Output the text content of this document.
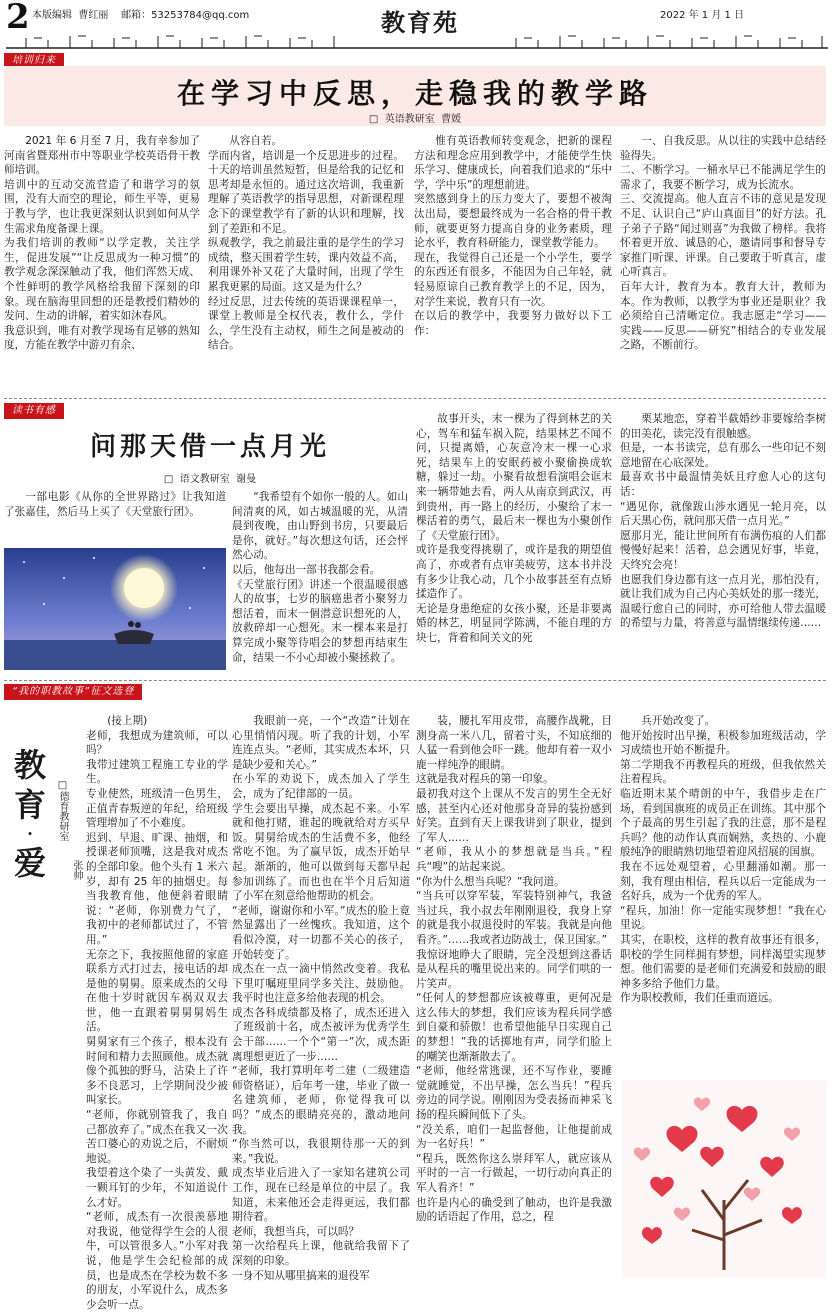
2 本版编辑  曹红丽    邮箱：53253784@qq.com	教育苑	2022 年 1 月 1 日
培训归来
在学习中反思，走稳我的教学路
□  英语教研室  曹媛

2021 年 6 月至 7 月，我有幸参加了河南省暨郑州市中等职业学校英语骨干教师培训。
培训中的互动交流营造了和谐学习的氛围，没有大而空的理论，师生平等，更易于教与学，也让我更深刻认识到如何从学生需求角度备课上课。
为我们培训的教师“以学定教，关注学生，促进发展”“让反思成为一种习惯”的教学观念深深触动了我，他们浑然天成、个性鲜明的教学风格给我留下深刻的印象。现在脑海里回想的还是教授们精妙的发问、生动的讲解，着实如沐春风。
我意识到，唯有对教学现场有足够的熟知度，方能在教学中游刃有余、

从容自若。
学而内省，培训是一个反思进步的过程。十天的培训虽然短暂，但是给我的记忆和思考却是永恒的。通过这次培训，我重新理解了英语教学的指导思想，对新课程理念下的课堂教学有了新的认识和理解，找到了差距和不足。
纵观教学，我之前最注重的是学生的学习成绩，整天围着学生转，课内效益不高，利用课外补又花了大量时间，出现了学生累我更累的局面。这又是为什么？
经过反思，过去传统的英语课课程单一，课堂上教师是全权代表，教什么，学什么，学生没有主动权，师生之间是被动的结合。

惟有英语教师转变观念，把新的课程方法和理念应用到教学中，才能使学生快乐学习、健康成长，向着我们追求的“乐中学，学中乐”的理想前进。
突然感到身上的压力变大了，要想不被淘汰出局，要想最终成为一名合格的骨干教师，就要更努力提高自身的业务素质，理论水平，教育科研能力，课堂教学能力。
现在，我觉得自己还是一个小学生，要学的东西还有很多，不能因为自己年轻，就轻易原谅自己教育教学上的不足，因为，对学生来说，教育只有一次。
在以后的教学中，我要努力做好以下工作：

一、自我反思。从以往的实践中总结经验得失。
二、不断学习。一桶水早已不能满足学生的需求了，我要不断学习，成为长流水。
三、交流提高。他人直言不讳的意见是发现不足、认识自己“庐山真面目”的好方法。孔子弟子子路“闻过则喜”为我做了榜样。我将怀着更开放、诚恳的心，邀请同事和督导专家推门听课、评课。自己要敢于听真言，虚心听真言。
百年大计，教育为本。教育大计，教师为本。作为教师，以教学为事业还是职业？我必须给自己清晰定位。我志愿走“学习——实践——反思——研究”相结合的专业发展之路，不断前行。

读书有感
问那天借一点月光
□  语文教研室  谢曼

一部电影《从你的全世界路过》让我知道了张嘉佳，然后马上买了《天堂旅行团》。

“我希望有个如你一般的人。如山间清爽的风，如古城温暖的光，从清晨到夜晚，由山野到书房，只要最后是你，就好。”每次想这句话，还会怦然心动。
以后，他每出一部书我都会看。
《天堂旅行团》讲述一个很温暖很感人的故事，七岁的脑癌患者小聚努力想活着，而末一個潜意识想死的人，放救碎却一心想死。末一棵本来是打算完成小聚等待唱会的梦想再结束生命，结果一不小心却被小聚拯救了。

故事开头，末一棵为了得到林艺的关心，驾车和猛车祸入院，结果林艺不闻不问，只提离婚，心灰意冷末一棵一心求死，结果车上的安眠药被小聚偷换成软糖，躲过一劫。小聚看故想看演唱会诓末来一辆带她去看，两人从南京到武汉，再到贵州，再一路上的经历，小聚给了末一棵活着的勇气，最后末一棵也为小聚创作了《天堂旅行团》。
或许是我变得挑剔了，或许是我的期望值高了，亦或者有点审美疲劳，这本书并没有多少让我心动，几个小故事甚至有点矫揉造作了。
无论是身患绝症的女孩小聚，还是非要离婚的林艺，明显同学陈满，不能自理的方块七，背着和间关文的死

栗某地恋，穿着半截婚纱非要嫁给李树的田美花，读完没有很触感。
但是，一本书读完，总有那么一些印记不刻意地留在心底深处。
最喜欢书中最温情美妖且疗愈人心的这句话：
“遇见你，就像跋山涉水遇见一轮月亮，以后天黑心伤，就问那天借一点月光。”
愿那月光，能让世间所有布满伤痕的人们都慢慢好起来！活着，总会遇见好事，毕竟，天终究会亮！
也愿我们身边都有这一点月光，那怕没有，就让我们成为自己内心美妖处的那一缕光，温暖行愈自己的同时，亦可给他人带去温暖的希望与力量，将善意与温情继续传递……

“我的职教故事”征文选登
教育
·
爱
□德育教研室
张帅

(接上期)
老师，我想成为建筑师，可以吗？
我带过建筑工程施工专业的学生。
专业使然，班级清一色男生，正值青春叛逆的年纪，给班级管理增加了不小难度。
迟到、早退、旷课、抽烟，和授课老师顶嘴，这是我对成杰的全部印象。他个头有 1 米六岁，却有 25 年的抽烟史。每当我教育他，他便斜着眼睛说：“老师，你别费力气了，我初中的老师都试过了，不管用。”
无奈之下，我按照他留的家庭联系方式打过去，接电话的却是他的舅舅。原来成杰的父母在他十岁时就因车祸双双去世，他一直跟着舅舅舅妈生活。
舅舅家有三个孩子，根本没有时间和精力去照顾他。成杰就像个孤独的野马，沾染上了许多不良恶习，上学期间没少被叫家长。
“老师，你就别管我了，我自己都放弃了。”成杰在我又一次苦口婆心的劝说之后，不耐烦地说。
我望着这个染了一头黄发、戴一颗耳钉的少年，不知道说什么才好。
“老师，成杰有一次很羡慕地对我说，他觉得学生会的人很牛，可以管很多人。”小军对我说，他是学生会纪检部的成员，也是成杰在学校为数不多的朋友，小军说什么，成杰多少会听一点。

我眼前一亮，一个“改造”计划在心里悄悄闪现。听了我的计划，小军连连点头。“老师，其实成杰本坏，只是缺少爱和关心。”
在小军的劝说下，成杰加入了学生会，成为了纪律部的一员。
学生会要出早操，成杰起不来。小军就和他打赌，谁起的晚就给对方买早饭。舅舅给成杰的生活费不多，他经常吃不饱。为了赢早饭，成杰开始早起。渐渐的，他可以做到每天都早起参加训练了。而也也在半个月后知道了小军在刻意给他帮助的机会。
“老师，谢谢你和小军。”成杰的脸上竟然显露出了一丝愧疚。我知道，这个看似冷漠，对一切都不关心的孩子，开始转变了。
成杰在一点一滴中悄然改变着。我私下里叮嘱班里同学多关注、鼓励他。我平时也注意多给他表现的机会。
成杰各科成绩都及格了，成杰还进入了班级前十名，成杰被评为优秀学生会干部……一个个“第一”次，成杰距离理想更近了一步……
“老师，我打算明年考二建（二级建造师资格证），后年考一建，毕业了做一名建筑师，老师，你觉得我可以吗？”成杰的眼睛亮亮的，激动地问我。
“你当然可以，我很期待那一天的到来。”我说。
成杰毕业后进入了一家知名建筑公司工作，现在已经是单位的中层了。我知道，未来他还会走得更远，我们都期待着。
老师，我想当兵，可以吗？
第一次给程兵上课，他就给我留下了深刻的印象。
一身不知从哪里搞来的退役军

装，腰扎军用皮带，高腰作战靴，目测身高一米八几，留着寸头，不知底细的人猛一看到他会吓一跳。他却有着一双小鹿一样纯净的眼睛。
这就是我对程兵的第一印象。
最初我对这个上课从不发言的男生全无好感，甚至内心还对他那身奇异的装扮感到好笑。直到有天上课我讲到了职业，提到了军人……
“老师，我从小的梦想就是当兵。”程兵“嗖”的站起来说。
“你为什么想当兵呢？”我问道。
“当兵可以穿军装，军装特别神气，我爸当过兵，我小叔去年刚刚退役，我身上穿的就是我小叔退役时的军装。我就是向他看齐。”……我或者边防战士，保卫国家。”
我惊讶地睁大了眼睛，完全没想到这番话是从程兵的嘴里说出来的。同学们哄的一片笑声。
“任何人的梦想都应该被尊重，更何况是这么伟大的梦想，我们应该为程兵同学感到自豪和骄傲！也希望他能早日实现自己的梦想！”我的话掷地有声，同学们脸上的嘲笑也渐渐散去了。
“老师，他经常逃课，还不写作业，要睡觉就睡觉，不出早操，怎么当兵！”程兵旁边的同学说。刚刚因为受表扬而神采飞扬的程兵瞬间低下了头。
“没关系，咱们一起监督他，让他提前成为一名好兵！”
“程兵，既然你这么崇拜军人，就应该从平时的一言一行做起，一切行动向真正的军人看齐！”
也许是内心的确受到了触动，也许是我激励的话语起了作用，总之，程

兵开始改变了。
他开始按时出早操，积极参加班级活动，学习成绩也开始不断提升。
第二学期我不再教程兵的班级，但我依然关注着程兵。
临近期末某个晴朗的中午，我借步走在广场，看到国旗班的成员正在训练。其中那个个子最高的男生引起了我的注意，那不是程兵吗？他的动作认真而娴熟，炙热的、小鹿般纯净的眼睛熟切地望着迎风招展的国旗。
我在不远处观望着，心里翻涌如潮。那一刻，我有理由相信，程兵以后一定能成为一名好兵，成为一个优秀的军人。
“程兵，加油！你一定能实现梦想！”我在心里说。
其实，在职校，这样的教育故事还有很多，职校的学生同样拥有梦想，同样渴望实现梦想。他们需要的是老师们充满爱和鼓励的眼神多多给予他们力量。
作为职校教师，我们任重而道远。
